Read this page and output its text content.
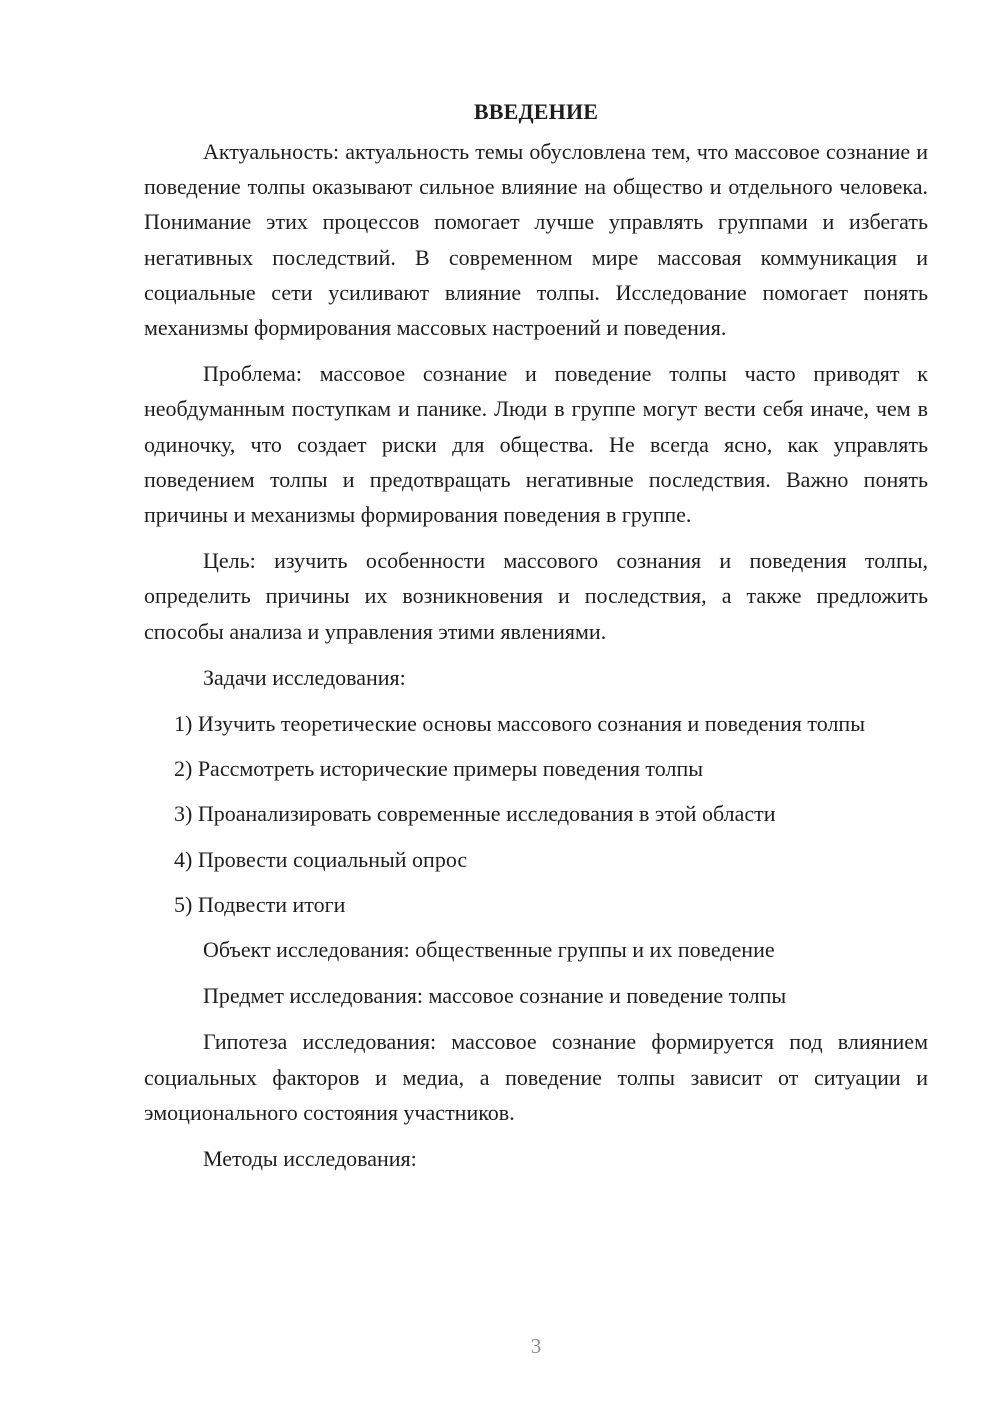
ВВЕДЕНИЕ

Актуальность: актуальность темы обусловлена тем, что массовое сознание и поведение толпы оказывают сильное влияние на общество и отдельного человека. Понимание этих процессов помогает лучше управлять группами и избегать негативных последствий. В современном мире массовая коммуникация и социальные сети усиливают влияние толпы. Исследование помогает понять механизмы формирования массовых настроений и поведения.

Проблема: массовое сознание и поведение толпы часто приводят к необдуманным поступкам и панике. Люди в группе могут вести себя иначе, чем в одиночку, что создает риски для общества. Не всегда ясно, как управлять поведением толпы и предотвращать негативные последствия. Важно понять причины и механизмы формирования поведения в группе.

Цель: изучить особенности массового сознания и поведения толпы, определить причины их возникновения и последствия, а также предложить способы анализа и управления этими явлениями.

Задачи исследования:

1) Изучить теоретические основы массового сознания и поведения толпы

2) Рассмотреть исторические примеры поведения толпы

3) Проанализировать современные исследования в этой области

4) Провести социальный опрос

5) Подвести итоги

Объект исследования: общественные группы и их поведение

Предмет исследования: массовое сознание и поведение толпы

Гипотеза исследования: массовое сознание формируется под влиянием социальных факторов и медиа, а поведение толпы зависит от ситуации и эмоционального состояния участников.

Методы исследования:

3
